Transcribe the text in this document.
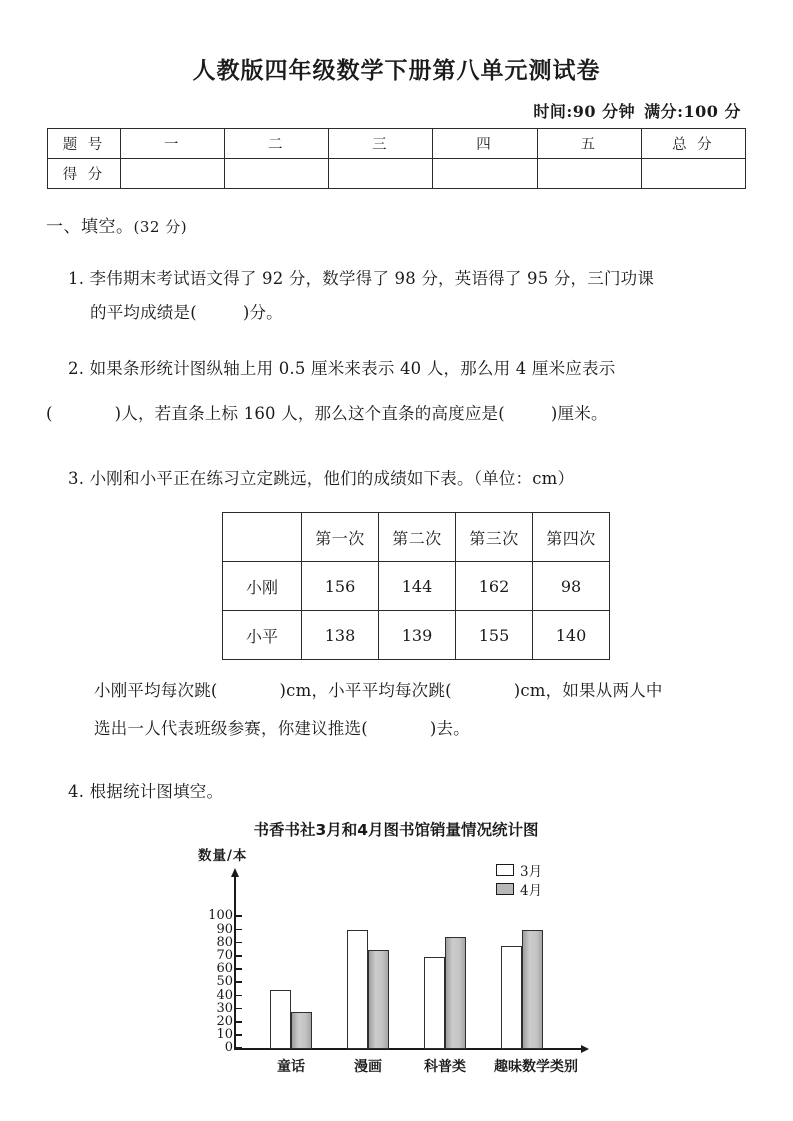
人教版四年级数学下册第八单元测试卷
时间:90 分钟 满分:100 分
题 号	一	二	三	四	五	总 分
得 分						
一、填空。(32 分)
1. 李伟期末考试语文得了 92 分，数学得了 98 分，英语得了 95 分，三门功课
的平均成绩是(	)分。
2. 如果条形统计图纵轴上用 0.5 厘米来表示 40 人，那么用 4 厘米应表示
(	)人，若直条上标 160 人，那么这个直条的高度应是(	)厘米。
3. 小刚和小平正在练习立定跳远，他们的成绩如下表。（单位：cm）
	第一次	第二次	第三次	第四次
小刚	156	144	162	98
小平	138	139	155	140
小刚平均每次跳(	)cm，小平平均每次跳(	)cm，如果从两人中
选出一人代表班级参赛，你建议推选(	)去。
4. 根据统计图填空。
书香书社3月和4月图书馆销量情况统计图
数量/本
3月
4月
类别
0
10
20
30
40
50
60
70
80
90
100
童话	漫画	科普类 趣味数学
